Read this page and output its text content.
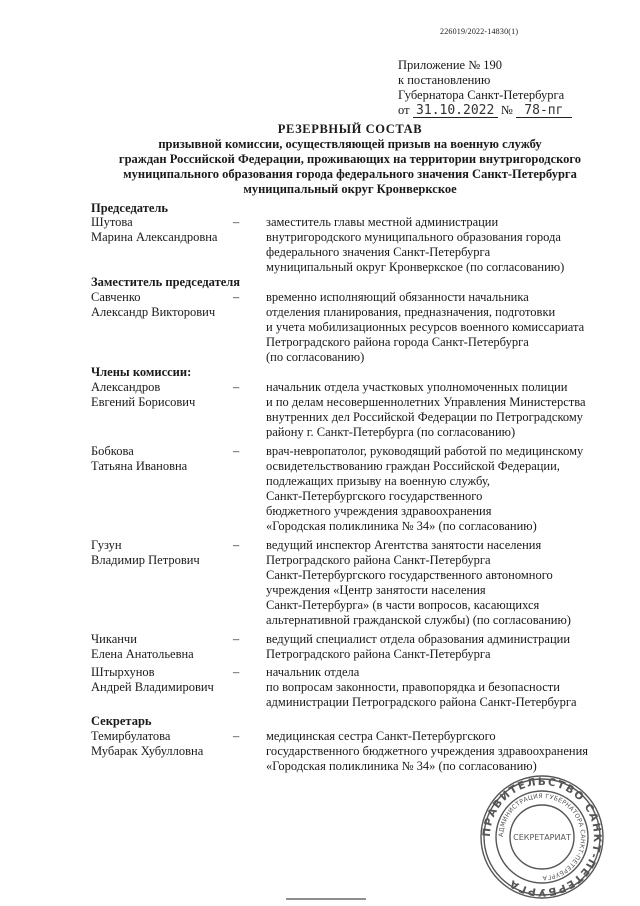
226019/2022-14830(1)
Приложение № 190
к постановлению
Губернатора Санкт-Петербурга
от 31.10.2022 № 78-пг
РЕЗЕРВНЫЙ СОСТАВ
призывной комиссии, осуществляющей призыв на военную службу
граждан Российской Федерации, проживающих на территории внутригородского
муниципального образования города федерального значения Санкт-Петербурга
муниципальный округ Кронверкское
Председатель
Шутова
Марина Александровна
– заместитель главы местной администрации
внутригородского муниципального образования города
федерального значения Санкт-Петербурга
муниципальный округ Кронверкское (по согласованию)
Заместитель председателя
Савченко
Александр Викторович
– временно исполняющий обязанности начальника
отделения планирования, предназначения, подготовки
и учета мобилизационных ресурсов военного комиссариата
Петроградского района города Санкт-Петербурга
(по согласованию)
Члены комиссии:
Александров
Евгений Борисович
– начальник отдела участковых уполномоченных полиции
и по делам несовершеннолетних Управления Министерства
внутренних дел Российской Федерации по Петроградскому
району г. Санкт-Петербурга (по согласованию)
Бобкова
Татьяна Ивановна
– врач-невропатолог, руководящий работой по медицинскому
освидетельствованию граждан Российской Федерации,
подлежащих призыву на военную службу,
Санкт-Петербургского государственного
бюджетного учреждения здравоохранения
«Городская поликлиника № 34» (по согласованию)
Гузун
Владимир Петрович
– ведущий инспектор Агентства занятости населения
Петроградского района Санкт-Петербурга
Санкт-Петербургского государственного автономного
учреждения «Центр занятости населения
Санкт-Петербурга» (в части вопросов, касающихся
альтернативной гражданской службы) (по согласованию)
Чиканчи
Елена Анатольевна
– ведущий специалист отдела образования администрации
Петроградского района Санкт-Петербурга
Штырхунов
Андрей Владимирович
– начальник отдела
по вопросам законности, правопорядка и безопасности
администрации Петроградского района Санкт-Петербурга
Секретарь
Темирбулатова
Мубарак Хубулловна
– медицинская сестра Санкт-Петербургского
государственного бюджетного учреждения здравоохранения
«Городская поликлиника № 34» (по согласованию)
ПРАВИТЕЛЬСТВО САНКТ-ПЕТЕРБУРГА
АДМИНИСТРАЦИЯ ГУБЕРНАТОРА САНКТ-ПЕТЕРБУРГА
СЕКРЕТАРИАТ
